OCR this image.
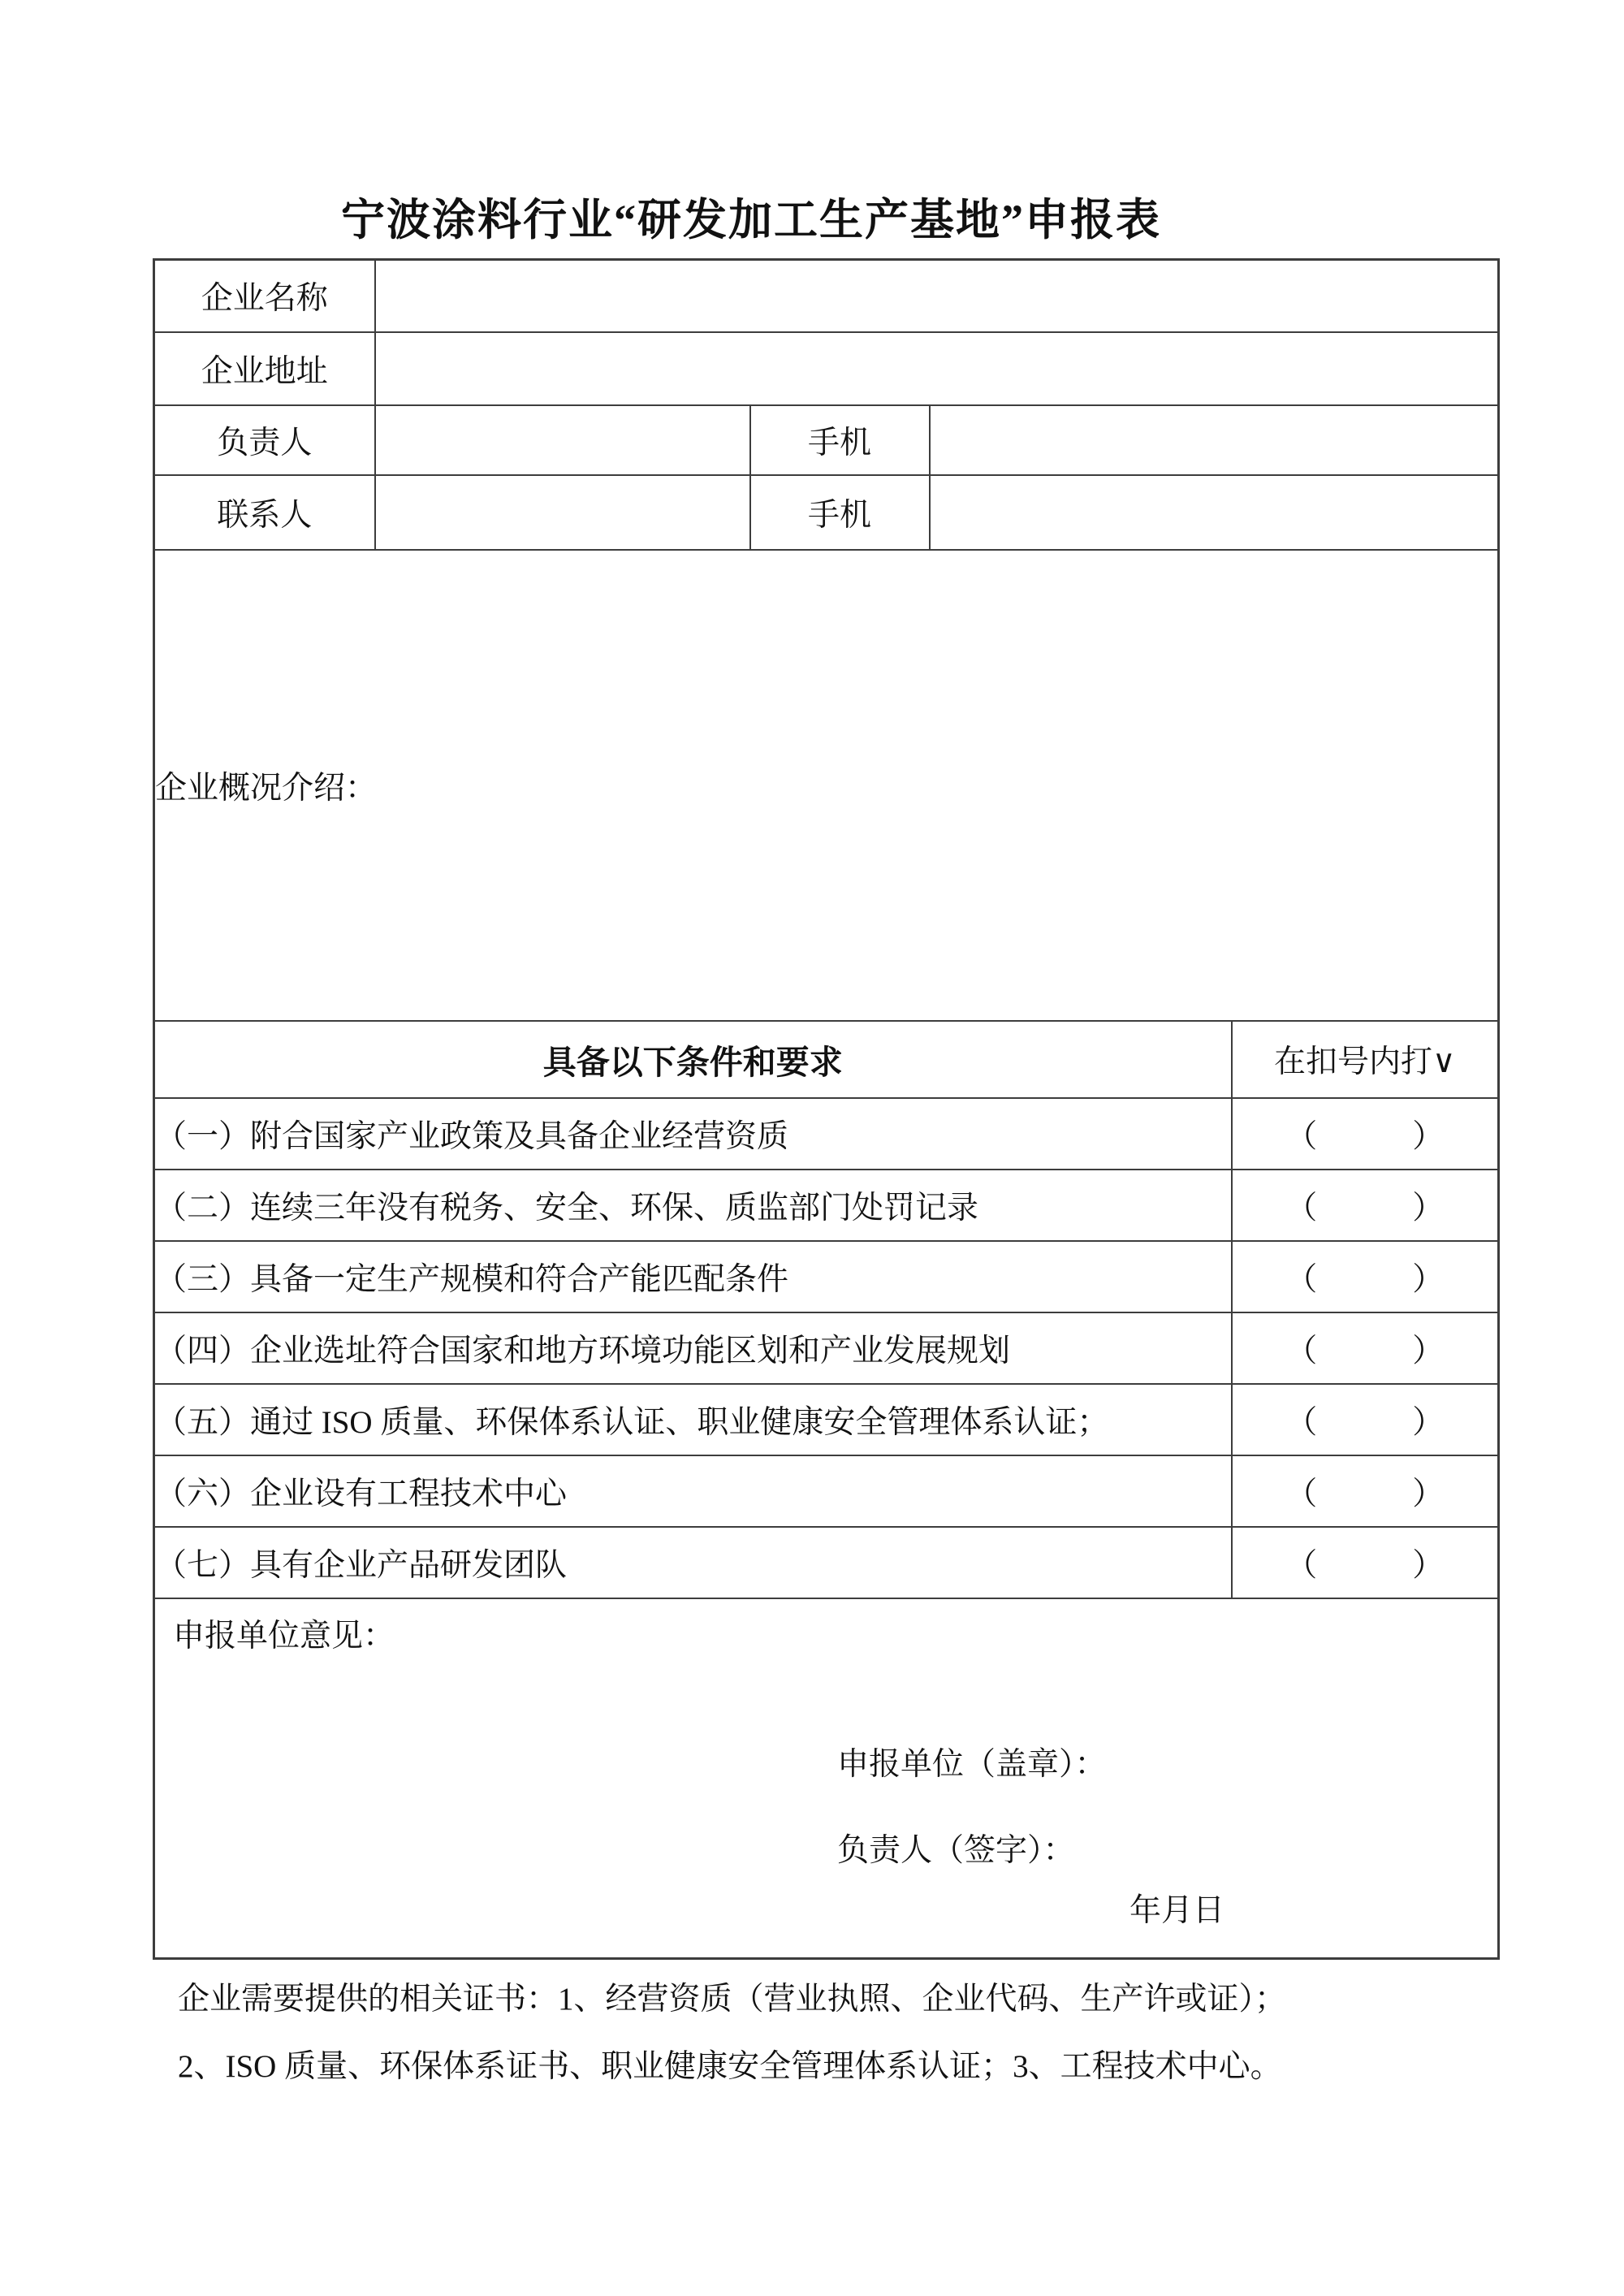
宁波涂料行业“研发加工生产基地”申报表
企业名称				
企业地址				
负责人		手机		
联系人		手机		
企业概况介绍：				
具备以下条件和要求				在扣号内打∨
（一）附合国家产业政策及具备企业经营资质				（　　　）
（二）连续三年没有税务、安全、环保、质监部门处罚记录				（　　　）
（三）具备一定生产规模和符合产能匹配条件				（　　　）
（四）企业选址符合国家和地方环境功能区划和产业发展规划				（　　　）
（五）通过 ISO 质量、环保体系认证、职业健康安全管理体系认证；				（　　　）
（六）企业设有工程技术中心				（　　　）
（七）具有企业产品研发团队				（　　　）

申报单位意见：
申报单位（盖章）：
负责人（签字）：
年月日				
企业需要提供的相关证书：1、经营资质（营业执照、企业代码、生产许或证）；
2、ISO 质量、环保体系证书、职业健康安全管理体系认证；3、工程技术中心。
